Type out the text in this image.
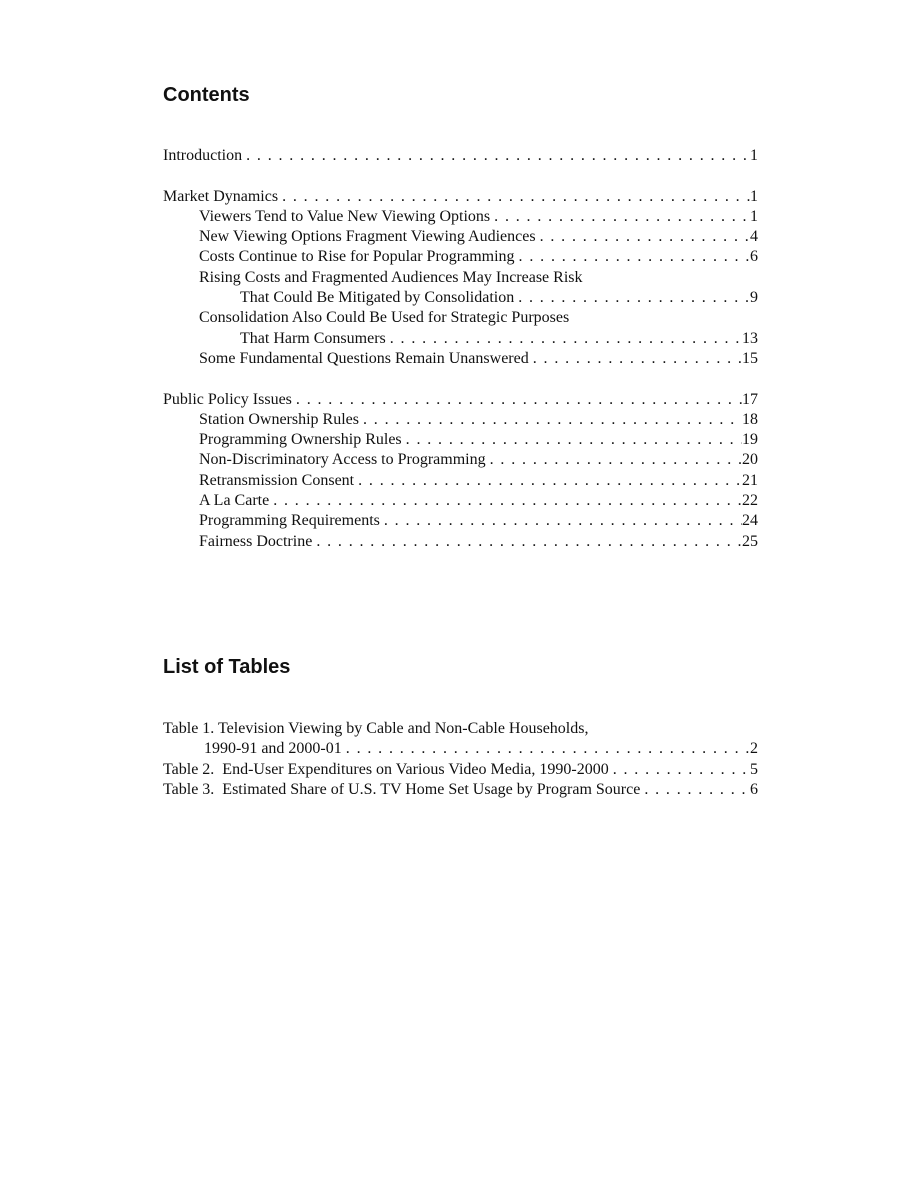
Contents
Introduction . . .	1
Market Dynamics . . .	1
Viewers Tend to Value New Viewing Options . . .	1
New Viewing Options Fragment Viewing Audiences . . .	4
Costs Continue to Rise for Popular Programming . . .	6
Rising Costs and Fragmented Audiences May Increase Risk
That Could Be Mitigated by Consolidation . . .	9
Consolidation Also Could Be Used for Strategic Purposes
That Harm Consumers . . .	13
Some Fundamental Questions Remain Unanswered . . .	15
Public Policy Issues . . .	17
Station Ownership Rules . . .	18
Programming Ownership Rules . . .	19
Non-Discriminatory Access to Programming . . .	20
Retransmission Consent . . .	21
A La Carte . . .	22
Programming Requirements . . .	24
Fairness Doctrine . . .	25
List of Tables
Table 1. Television Viewing by Cable and Non-Cable Households,
1990-91 and 2000-01 . . .	2
Table 2.  End-User Expenditures on Various Video Media, 1990-2000 . . .	5
Table 3.  Estimated Share of U.S. TV Home Set Usage by Program Source . . .	6
